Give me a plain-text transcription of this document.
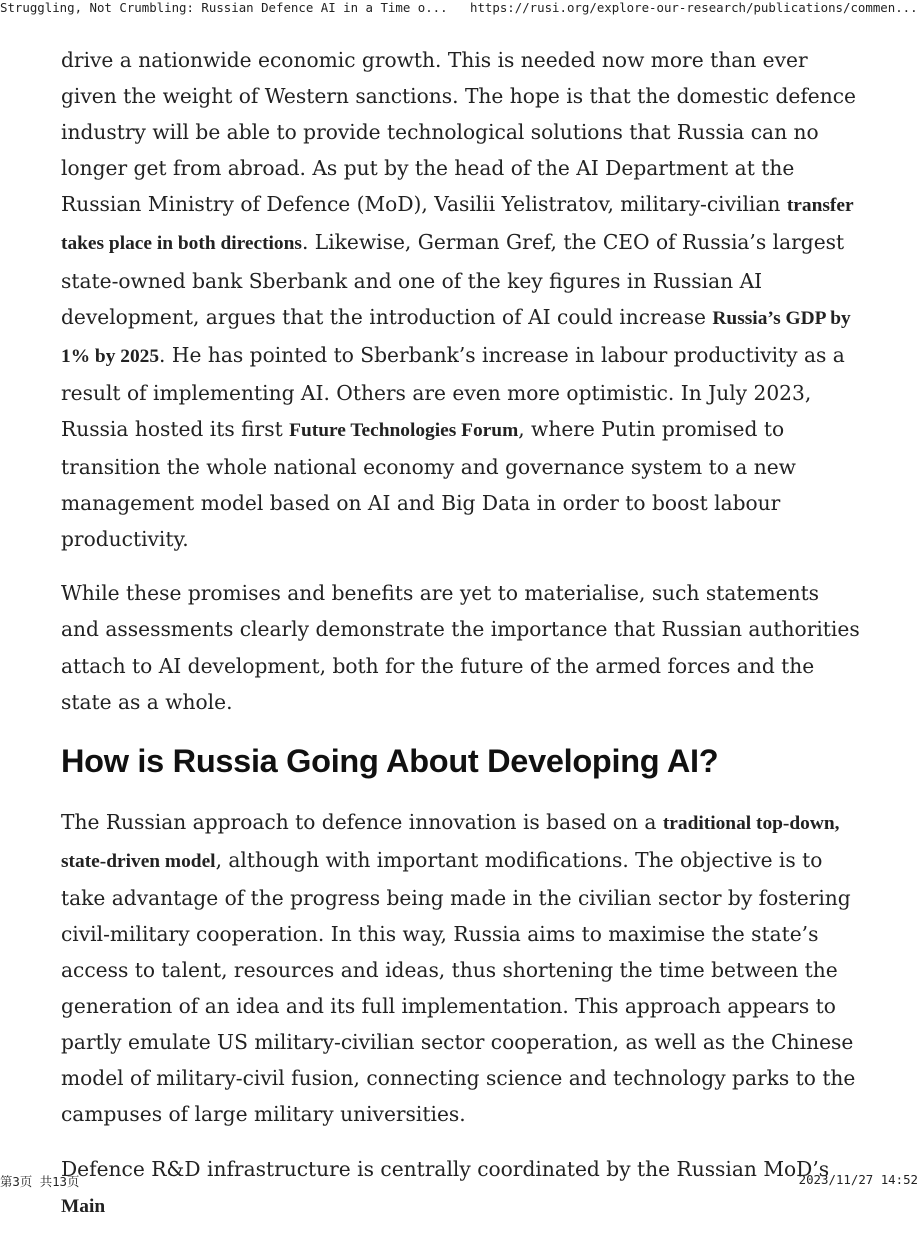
Struggling, Not Crumbling: Russian Defence AI in a Time o... https://rusi.org/explore-our-research/publications/commen...

drive a nationwide economic growth. This is needed now more than ever given the weight of Western sanctions. The hope is that the domestic defence industry will be able to provide technological solutions that Russia can no longer get from abroad. As put by the head of the AI Department at the Russian Ministry of Defence (MoD), Vasilii Yelistratov, military-civilian transfer takes place in both directions. Likewise, German Gref, the CEO of Russia’s largest state-owned bank Sberbank and one of the key figures in Russian AI development, argues that the introduction of AI could increase Russia’s GDP by 1% by 2025. He has pointed to Sberbank’s increase in labour productivity as a result of implementing AI. Others are even more optimistic. In July 2023, Russia hosted its first Future Technologies Forum, where Putin promised to transition the whole national economy and governance system to a new management model based on AI and Big Data in order to boost labour productivity.

While these promises and benefits are yet to materialise, such statements and assessments clearly demonstrate the importance that Russian authorities attach to AI development, both for the future of the armed forces and the state as a whole.

How is Russia Going About Developing AI?

The Russian approach to defence innovation is based on a traditional top-down, state-driven model, although with important modifications. The objective is to take advantage of the progress being made in the civilian sector by fostering civil-military cooperation. In this way, Russia aims to maximise the state’s access to talent, resources and ideas, thus shortening the time between the generation of an idea and its full implementation. This approach appears to partly emulate US military-civilian sector cooperation, as well as the Chinese model of military-civil fusion, connecting science and technology parks to the campuses of large military universities.

Defence R&D infrastructure is centrally coordinated by the Russian MoD’s Main

第3页 共13页	2023/11/27 14:52
